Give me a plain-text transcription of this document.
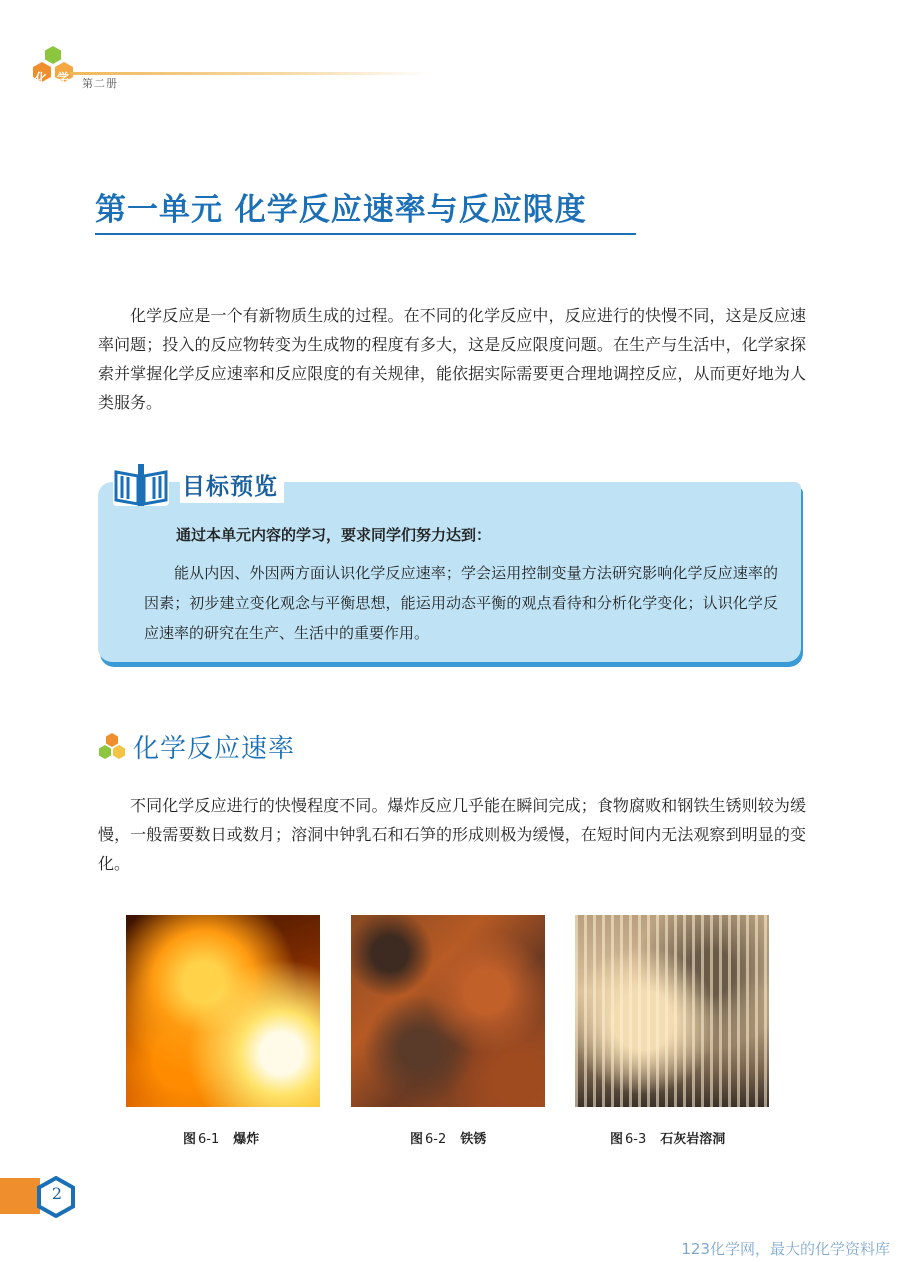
化 学 第二册
第一单元 化学反应速率与反应限度
化学反应是一个有新物质生成的过程。在不同的化学反应中，反应进行的快慢不同，这是反应速率问题；投入的反应物转变为生成物的程度有多大，这是反应限度问题。在生产与生活中，化学家探索并掌握化学反应速率和反应限度的有关规律，能依据实际需要更合理地调控反应，从而更好地为人类服务。
目标预览
通过本单元内容的学习，要求同学们努力达到：
能从内因、外因两方面认识化学反应速率；学会运用控制变量方法研究影响化学反应速率的因素；初步建立变化观念与平衡思想，能运用动态平衡的观点看待和分析化学变化；认识化学反应速率的研究在生产、生活中的重要作用。
化学反应速率
不同化学反应进行的快慢程度不同。爆炸反应几乎能在瞬间完成；食物腐败和钢铁生锈则较为缓慢，一般需要数日或数月；溶洞中钟乳石和石笋的形成则极为缓慢，在短时间内无法观察到明显的变化。
图 6-1 爆炸	图 6-2 铁锈	图 6-3 石灰岩溶洞
2
123化学网，最大的化学资料库
